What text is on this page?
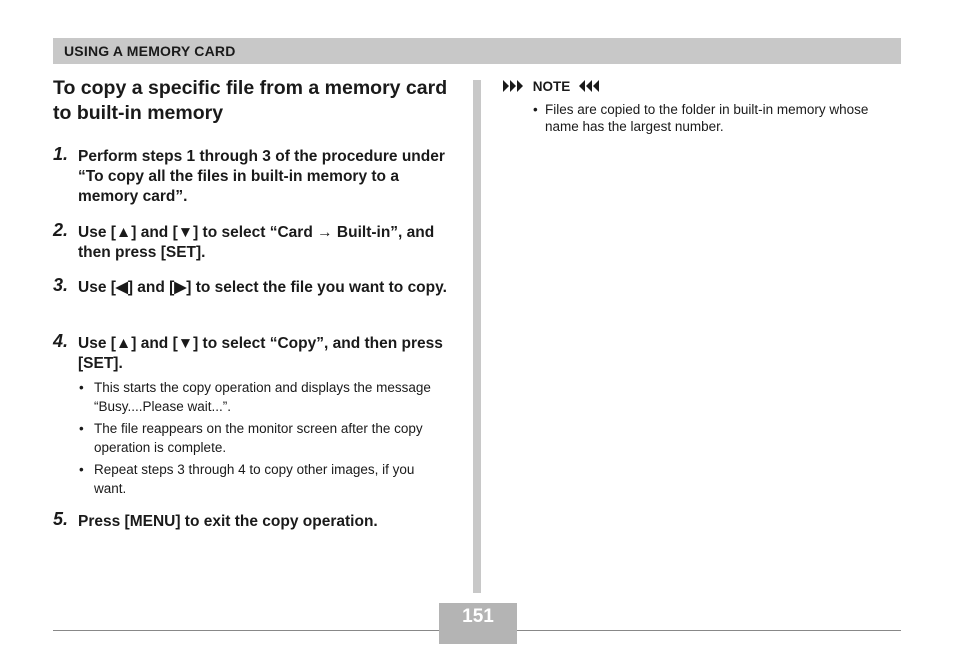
USING A MEMORY CARD
To copy a specific file from a memory card to built-in memory
1. Perform steps 1 through 3 of the procedure under “To copy all the files in built-in memory to a memory card”.
2. Use [▲] and [▼] to select “Card → Built-in”, and then press [SET].
3. Use [◀] and [▶] to select the file you want to copy.
4. Use [▲] and [▼] to select “Copy”, and then press [SET].
• This starts the copy operation and displays the message “Busy....Please wait...”.
• The file reappears on the monitor screen after the copy operation is complete.
• Repeat steps 3 through 4 to copy other images, if you want.
5. Press [MENU] to exit the copy operation.
NOTE
• Files are copied to the folder in built-in memory whose name has the largest number.
151
